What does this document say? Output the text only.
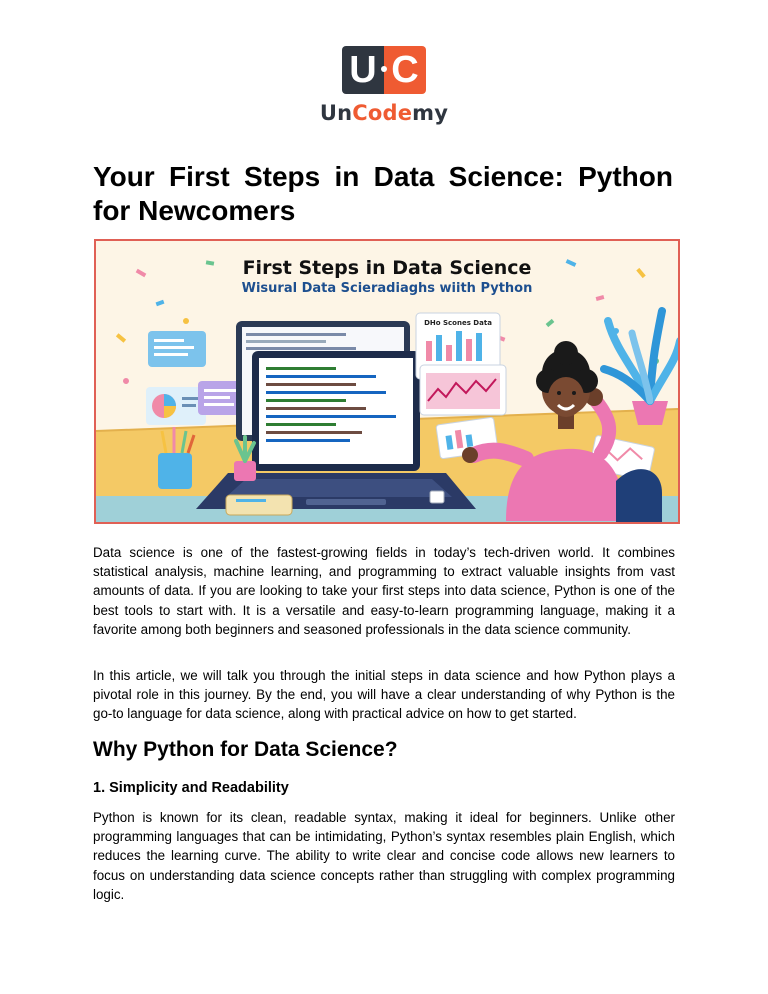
U C
UnCodemy
Your First Steps in Data Science: Python for Newcomers
First Steps in Data Science
Wisural Data Scieradiaghs wiith Python
DHo Scones Data

Data science is one of the fastest-growing fields in today’s tech-driven world. It combines statistical analysis, machine learning, and programming to extract valuable insights from vast amounts of data. If you are looking to take your first steps into data science, Python is one of the best tools to start with. It is a versatile and easy-to-learn programming language, making it a favorite among both beginners and seasoned professionals in the data science community.

In this article, we will talk you through the initial steps in data science and how Python plays a pivotal role in this journey. By the end, you will have a clear understanding of why Python is the go-to language for data science, along with practical advice on how to get started.

Why Python for Data Science?
1. Simplicity and Readability

Python is known for its clean, readable syntax, making it ideal for beginners. Unlike other programming languages that can be intimidating, Python’s syntax resembles plain English, which reduces the learning curve. The ability to write clear and concise code allows new learners to focus on understanding data science concepts rather than struggling with complex programming logic.
